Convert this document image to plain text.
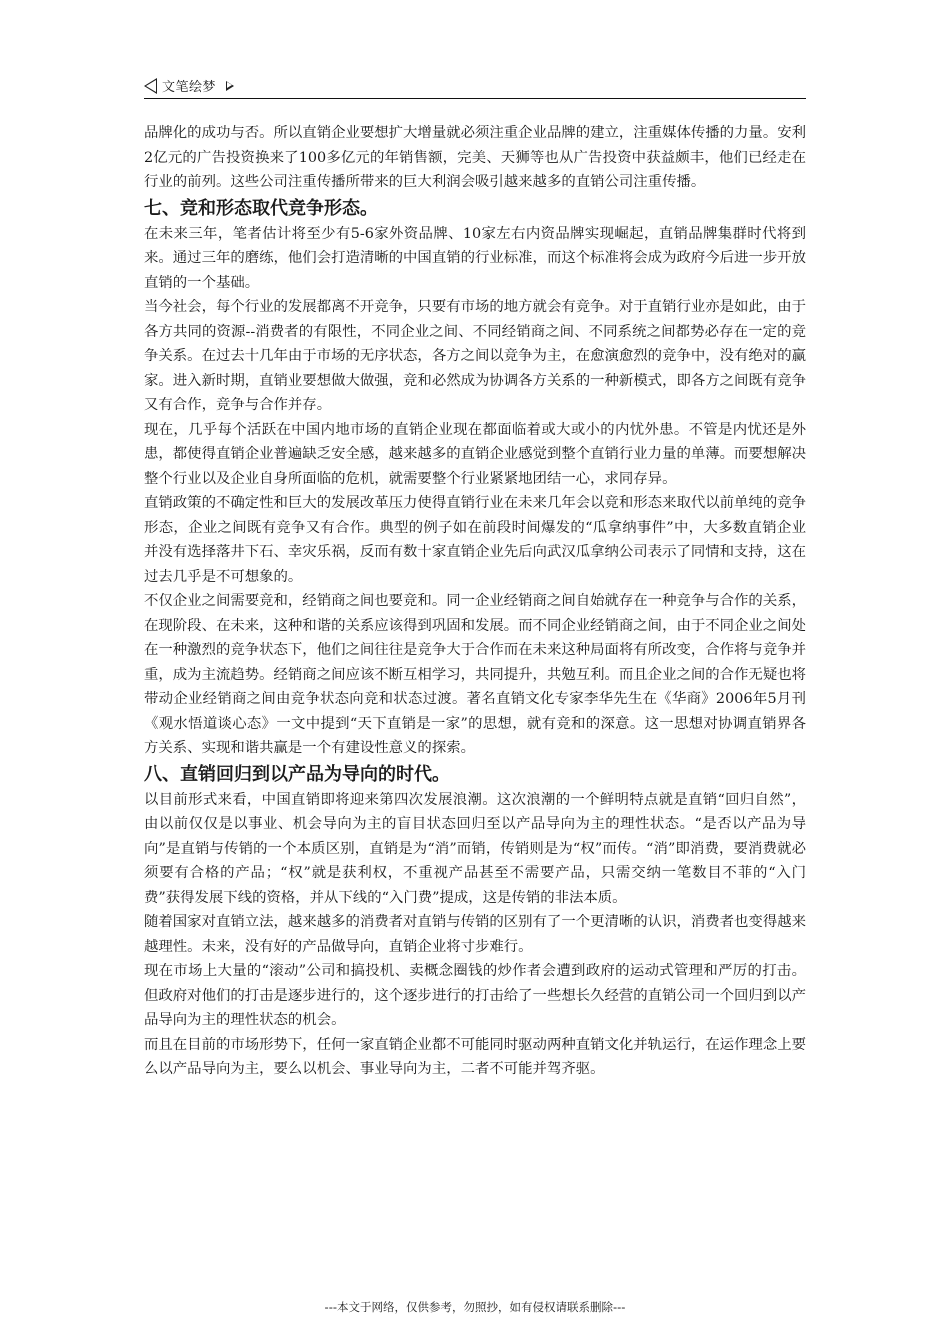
文笔绘梦

品牌化的成功与否。所以直销企业要想扩大增量就必须注重企业品牌的建立，注重媒体传播的力量。安利2亿元的广告投资换来了100多亿元的年销售额，完美、天狮等也从广告投资中获益颇丰，他们已经走在行业的前列。这些公司注重传播所带来的巨大利润会吸引越来越多的直销公司注重传播。

七、竞和形态取代竞争形态。

在未来三年，笔者估计将至少有5-6家外资品牌、10家左右内资品牌实现崛起，直销品牌集群时代将到来。通过三年的磨练，他们会打造清晰的中国直销的行业标准，而这个标准将会成为政府今后进一步开放直销的一个基础。

当今社会，每个行业的发展都离不开竞争，只要有市场的地方就会有竞争。对于直销行业亦是如此，由于各方共同的资源--消费者的有限性，不同企业之间、不同经销商之间、不同系统之间都势必存在一定的竞争关系。在过去十几年由于市场的无序状态，各方之间以竞争为主，在愈演愈烈的竞争中，没有绝对的赢家。进入新时期，直销业要想做大做强，竞和必然成为协调各方关系的一种新模式，即各方之间既有竞争又有合作，竞争与合作并存。

现在，几乎每个活跃在中国内地市场的直销企业现在都面临着或大或小的内忧外患。不管是内忧还是外患，都使得直销企业普遍缺乏安全感，越来越多的直销企业感觉到整个直销行业力量的单薄。而要想解决整个行业以及企业自身所面临的危机，就需要整个行业紧紧地团结一心，求同存异。

直销政策的不确定性和巨大的发展改革压力使得直销行业在未来几年会以竞和形态来取代以前单纯的竞争形态，企业之间既有竞争又有合作。典型的例子如在前段时间爆发的“瓜拿纳事件”中，大多数直销企业并没有选择落井下石、幸灾乐祸，反而有数十家直销企业先后向武汉瓜拿纳公司表示了同情和支持，这在过去几乎是不可想象的。

不仅企业之间需要竞和，经销商之间也要竞和。同一企业经销商之间自始就存在一种竞争与合作的关系，在现阶段、在未来，这种和谐的关系应该得到巩固和发展。而不同企业经销商之间，由于不同企业之间处在一种激烈的竞争状态下，他们之间往往是竞争大于合作而在未来这种局面将有所改变，合作将与竞争并重，成为主流趋势。经销商之间应该不断互相学习，共同提升，共勉互利。而且企业之间的合作无疑也将带动企业经销商之间由竞争状态向竞和状态过渡。著名直销文化专家李华先生在《华商》2006年5月刊《观水悟道谈心态》一文中提到“天下直销是一家”的思想，就有竞和的深意。这一思想对协调直销界各方关系、实现和谐共赢是一个有建设性意义的探索。

八、直销回归到以产品为导向的时代。

以目前形式来看，中国直销即将迎来第四次发展浪潮。这次浪潮的一个鲜明特点就是直销“回归自然”，由以前仅仅是以事业、机会导向为主的盲目状态回归至以产品导向为主的理性状态。“是否以产品为导向”是直销与传销的一个本质区别，直销是为“消”而销，传销则是为“权”而传。“消”即消费，要消费就必须要有合格的产品；“权”就是获利权，不重视产品甚至不需要产品，只需交纳一笔数目不菲的“入门费”获得发展下线的资格，并从下线的“入门费”提成，这是传销的非法本质。

随着国家对直销立法，越来越多的消费者对直销与传销的区别有了一个更清晰的认识，消费者也变得越来越理性。未来，没有好的产品做导向，直销企业将寸步难行。

现在市场上大量的“滚动”公司和搞投机、卖概念圈钱的炒作者会遭到政府的运动式管理和严厉的打击。但政府对他们的打击是逐步进行的，这个逐步进行的打击给了一些想长久经营的直销公司一个回归到以产品导向为主的理性状态的机会。

而且在目前的市场形势下，任何一家直销企业都不可能同时驱动两种直销文化并轨运行，在运作理念上要么以产品导向为主，要么以机会、事业导向为主，二者不可能并驾齐驱。

---本文于网络，仅供参考，勿照抄，如有侵权请联系删除---
